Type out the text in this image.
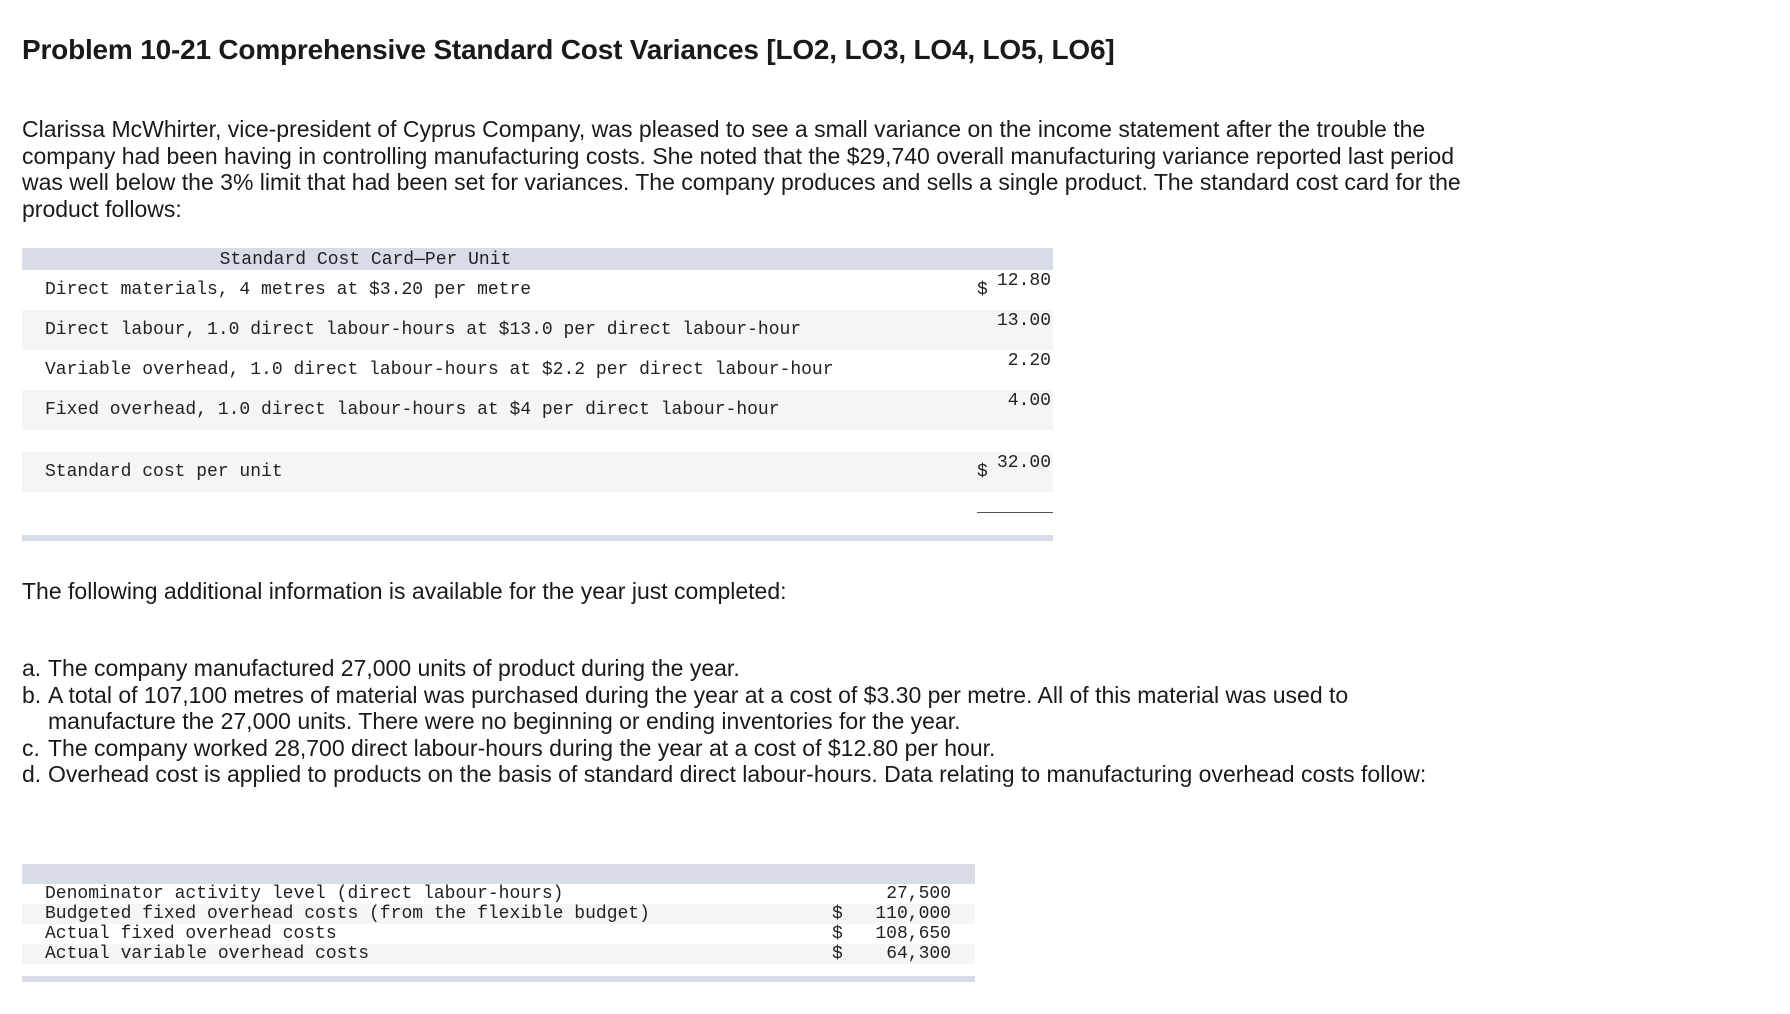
Problem 10-21 Comprehensive Standard Cost Variances [LO2, LO3, LO4, LO5, LO6]
Clarissa McWhirter, vice-president of Cyprus Company, was pleased to see a small variance on the income statement after the trouble the company had been having in controlling manufacturing costs. She noted that the $29,740 overall manufacturing variance reported last period was well below the 3% limit that had been set for variances. The company produces and sells a single product. The standard cost card for the product follows:
Standard Cost Card—Per Unit
Direct materials, 4 metres at $3.20 per metre	$ 12.80
Direct labour, 1.0 direct labour-hours at $13.0 per direct labour-hour	13.00
Variable overhead, 1.0 direct labour-hours at $2.2 per direct labour-hour	2.20
Fixed overhead, 1.0 direct labour-hours at $4 per direct labour-hour	4.00
Standard cost per unit	$ 32.00
The following additional information is available for the year just completed:
a. The company manufactured 27,000 units of product during the year.
b. A total of 107,100 metres of material was purchased during the year at a cost of $3.30 per metre. All of this material was used to manufacture the 27,000 units. There were no beginning or ending inventories for the year.
c. The company worked 28,700 direct labour-hours during the year at a cost of $12.80 per hour.
d. Overhead cost is applied to products on the basis of standard direct labour-hours. Data relating to manufacturing overhead costs follow:
Denominator activity level (direct labour-hours)	27,500
Budgeted fixed overhead costs (from the flexible budget)	$ 110,000
Actual fixed overhead costs	$ 108,650
Actual variable overhead costs	$ 64,300
